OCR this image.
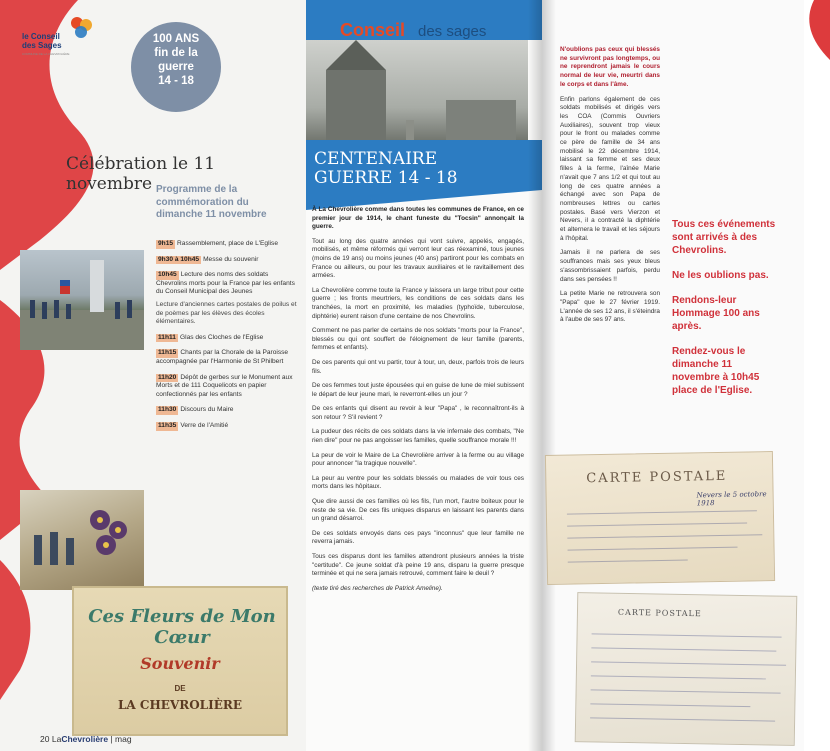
le Conseil
des Sages
COMMUNE DE LA CHEVROLIÈRE
100 ANS
fin de la
guerre
14 - 18
Célébration le 11 novembre Programme de la commémoration du dimanche 11 novembre
9h15 Rassemblement, place de L'Eglise
9h30 à 10h45 Messe du souvenir
10h45 Lecture des noms des soldats Chevrolins morts pour la France par les enfants du Conseil Municipal des Jeunes
Lecture d'anciennes cartes postales de poilus et de poèmes par les élèves des écoles élémentaires.
11h11 Glas des Cloches de l'Eglise
11h15 Chants par la Chorale de la Paroisse accompagnée par l'Harmonie de St Philbert
11h20 Dépôt de gerbes sur le Monument aux Morts et de 111 Coquelicots en papier confectionnés par les enfants
11h30 Discours du Maire
11h35 Verre de l'Amitié
Ces Fleurs de Mon Cœur
Souvenir
DE
LA CHEVROLIÈRE
20 LaChevrolière | mag
Conseil des sages
CENTENAIRE
GUERRE 14 - 18

À La Chevrolière comme dans toutes les communes de France, en ce premier jour de 1914, le chant funeste du "Tocsin" annonçait la guerre.

Tout au long des quatre années qui vont suivre, appelés, engagés, mobilisés, et même réformés qui verront leur cas réexaminé, tous jeunes (moins de 19 ans) ou moins jeunes (40 ans) partiront pour les combats en France ou ailleurs, ou pour les travaux auxiliaires et le ravitaillement des armées.

La Chevrolière comme toute la France y laissera un large tribut pour cette guerre ; les fronts meurtriers, les conditions de ces soldats dans les tranchées, la mort en proximité, les maladies (typhoïde, tuberculose, diphtérie) eurent raison d'une centaine de nos Chevrolins.

Comment ne pas parler de certains de nos soldats "morts pour la France", blessés ou qui ont souffert de l'éloignement de leur famille (parents, femmes et enfants).

De ces parents qui ont vu partir, tour à tour, un, deux, parfois trois de leurs fils.

De ces femmes tout juste épousées qui en guise de lune de miel subissent le départ de leur jeune mari, le reverront-elles un jour ?

De ces enfants qui disent au revoir à leur "Papa" , le reconnaîtront-ils à son retour ? S'il revient ?

La pudeur des récits de ces soldats dans la vie infernale des combats, "Ne rien dire" pour ne pas angoisser les familles, quelle souffrance morale !!!

La peur de voir le Maire de La Chevrolière arriver à la ferme ou au village pour annoncer "la tragique nouvelle".

La peur au ventre pour les soldats blessés ou malades de voir tous ces morts dans les hôpitaux.

Que dire aussi de ces familles où les fils, l'un mort, l'autre boiteux pour le reste de sa vie. De ces fils uniques disparus en laissant les parents dans un grand désarroi.

De ces soldats envoyés dans ces pays "inconnus" que leur famille ne reverra jamais.

Tous ces disparus dont les familles attendront plusieurs années la triste "certitude". Ce jeune soldat d'à peine 19 ans, disparu la guerre presque terminée et qui ne sera jamais retrouvé, comment faire le deuil ?

(texte tiré des recherches de Patrick Ameline).

N'oublions pas ceux qui blessés ne survivront pas longtemps, ou ne reprendront jamais le cours normal de leur vie, meurtri dans le corps et dans l'âme.

Enfin parlons également de ces soldats mobilisés et dirigés vers les COA (Commis Ouvriers Auxiliaires), souvent trop vieux pour le front ou malades comme ce père de famille de 34 ans mobilisé le 22 décembre 1914, laissant sa femme et ses deux filles à la ferme, l'aînée Marie n'avait que 7 ans 1/2 et qui tout au long de ces quatre années a échangé avec son Papa de nombreuses lettres ou cartes postales. Basé vers Vierzon et Nevers, il a contracté la diphtérie et alternera le travail et les séjours à l'hôpital.

Jamais il ne parlera de ses souffrances mais ses yeux bleus s'assombrissaient parfois, perdu dans ses pensées !!

La petite Marie ne retrouvera son "Papa" que le 27 février 1919. L'année de ses 12 ans, il s'éteindra à l'aube de ses 97 ans.

Tous ces événements sont arrivés à des Chevrolins.

Ne les oublions pas.

Rendons-leur Hommage 100 ans après.

Rendez-vous le dimanche 11 novembre à 10h45 place de l'Eglise.

CARTE POSTALE
Nevers le 5 octobre 1918
CARTE POSTALE
